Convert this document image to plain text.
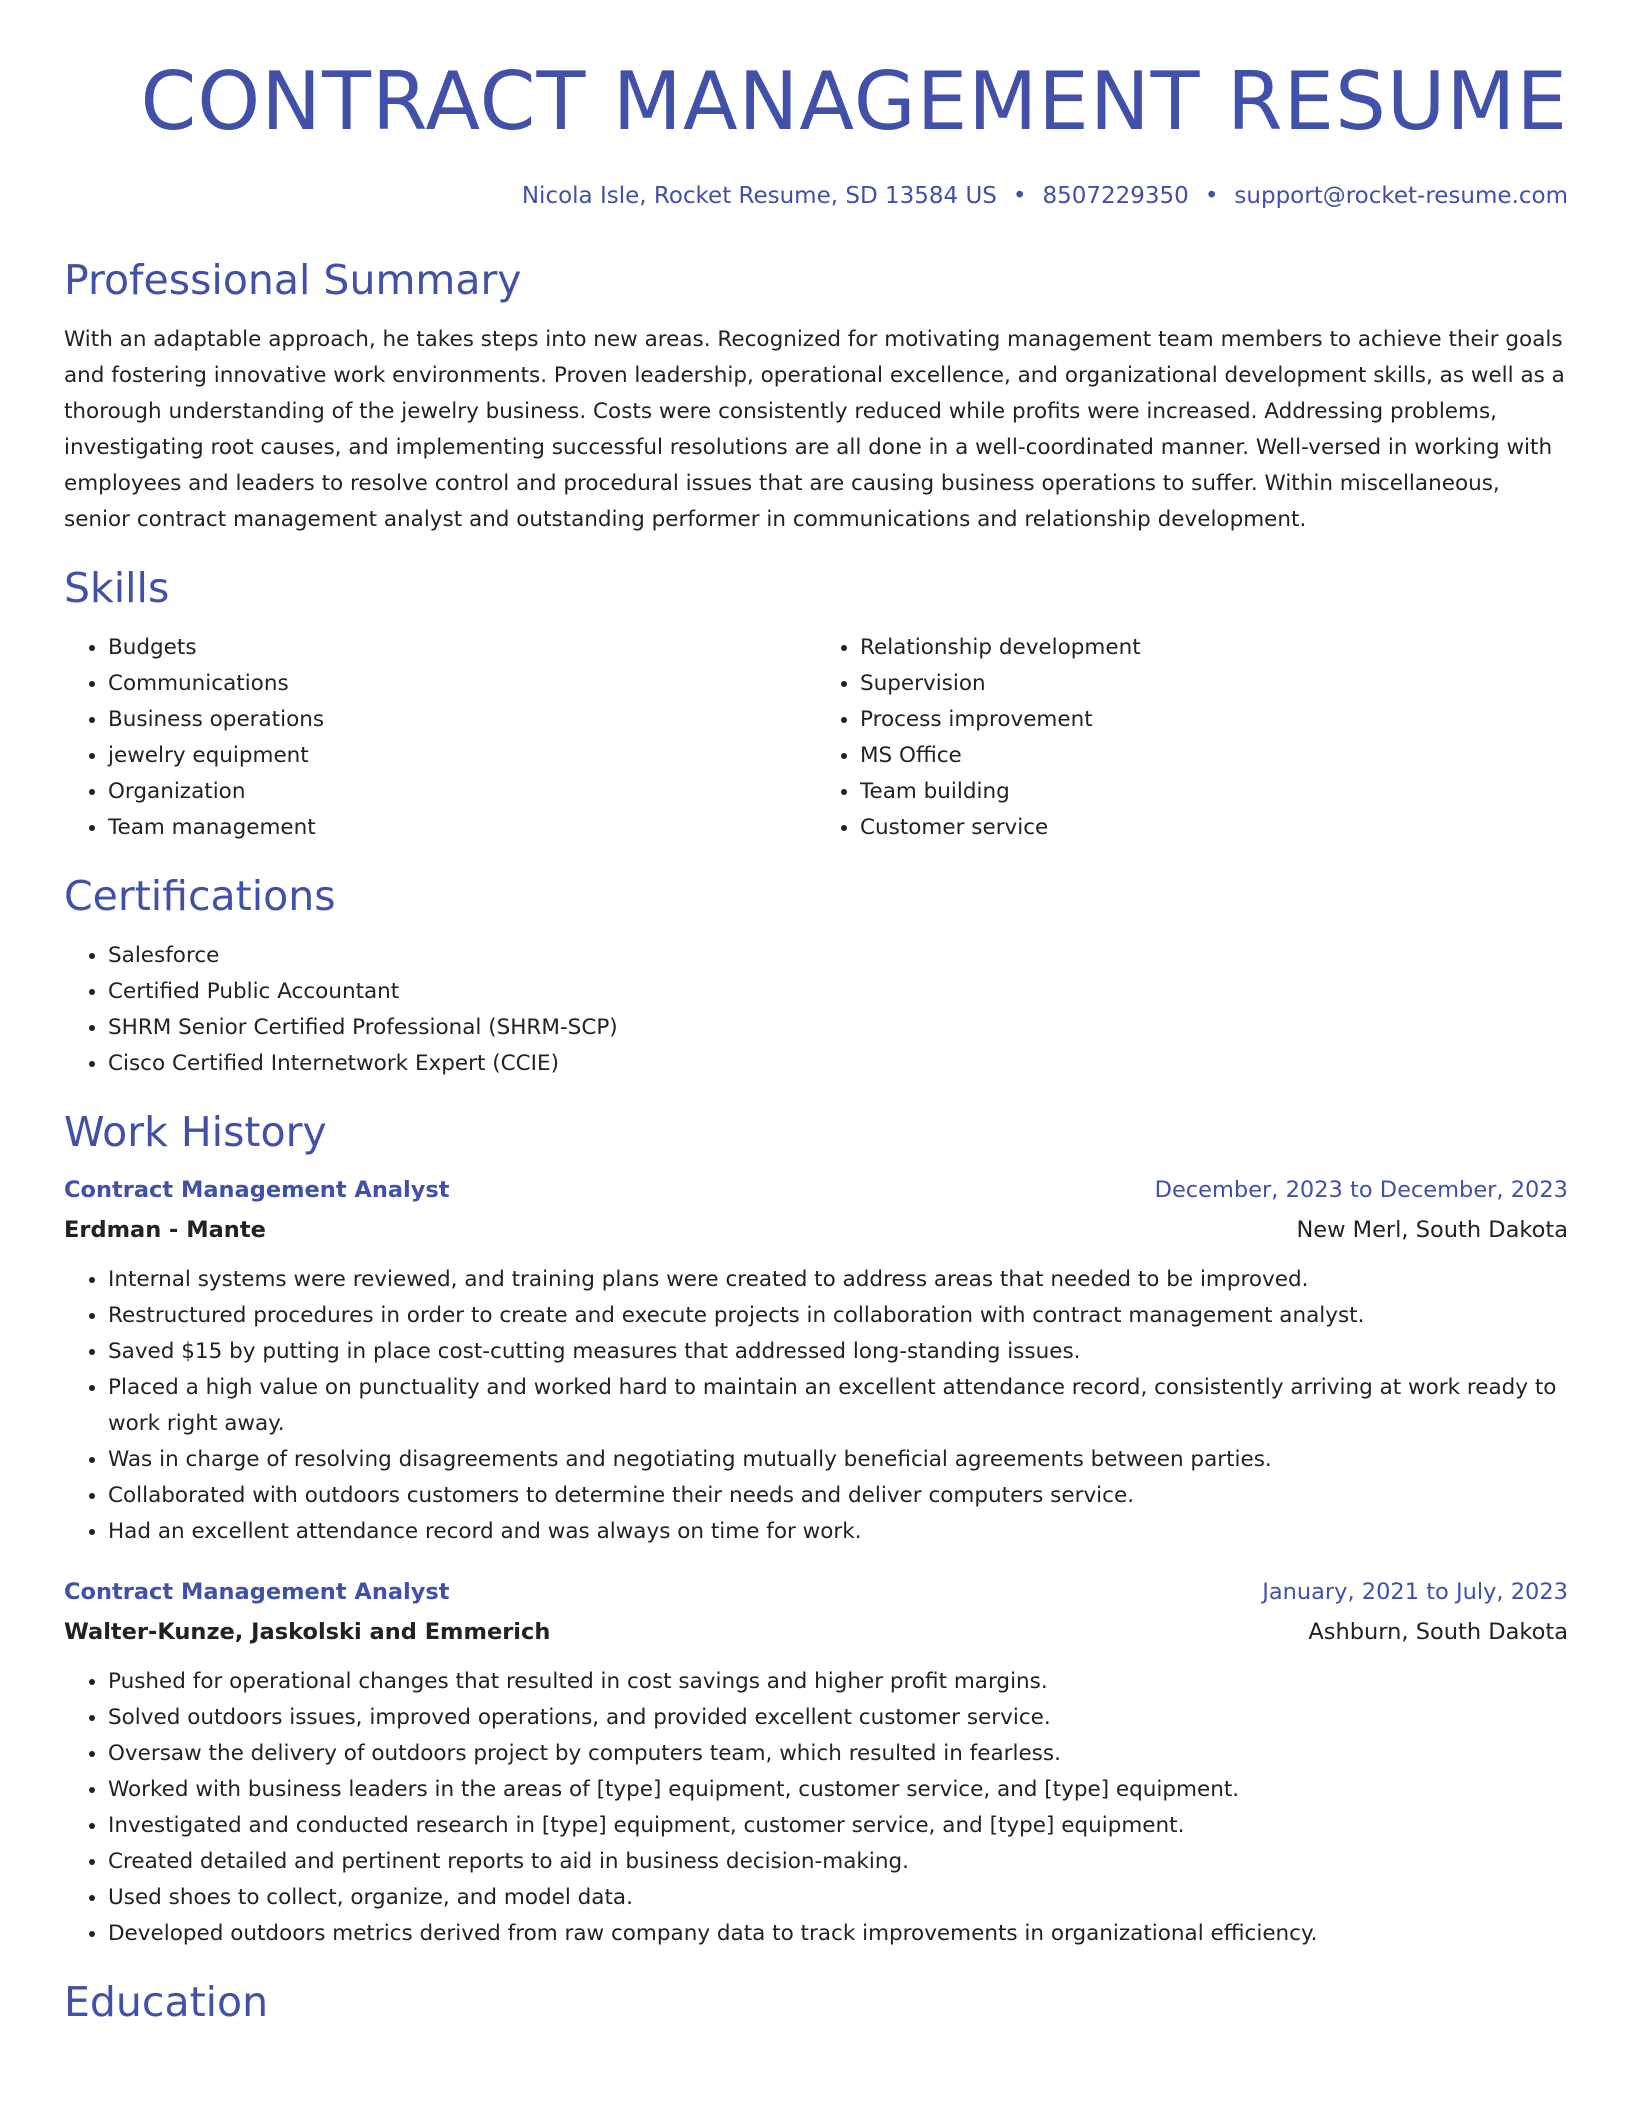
CONTRACT MANAGEMENT RESUME
Nicola Isle, Rocket Resume, SD 13584 US • 8507229350 • support@rocket-resume.com
Professional Summary

With an adaptable approach, he takes steps into new areas. Recognized for motivating management team members to achieve their goals and fostering innovative work environments. Proven leadership, operational excellence, and organizational development skills, as well as a thorough understanding of the jewelry business. Costs were consistently reduced while profits were increased. Addressing problems, investigating root causes, and implementing successful resolutions are all done in a well-coordinated manner. Well-versed in working with employees and leaders to resolve control and procedural issues that are causing business operations to suffer. Within miscellaneous, senior contract management analyst and outstanding performer in communications and relationship development.

Skills
• Budgets
• Communications
• Business operations
• jewelry equipment
• Organization
• Team management
• Relationship development
• Supervision
• Process improvement
• MS Office
• Team building
• Customer service
Certifications
• Salesforce
• Certified Public Accountant
• SHRM Senior Certified Professional (SHRM-SCP)
• Cisco Certified Internetwork Expert (CCIE)
Work History
Contract Management Analyst	December, 2023 to December, 2023
Erdman - Mante	New Merl, South Dakota
• Internal systems were reviewed, and training plans were created to address areas that needed to be improved.
• Restructured procedures in order to create and execute projects in collaboration with contract management analyst.
• Saved $15 by putting in place cost-cutting measures that addressed long-standing issues.
• Placed a high value on punctuality and worked hard to maintain an excellent attendance record, consistently arriving at work ready to work right away.
• Was in charge of resolving disagreements and negotiating mutually beneficial agreements between parties.
• Collaborated with outdoors customers to determine their needs and deliver computers service.
• Had an excellent attendance record and was always on time for work.
Contract Management Analyst	January, 2021 to July, 2023
Walter-Kunze, Jaskolski and Emmerich	Ashburn, South Dakota
• Pushed for operational changes that resulted in cost savings and higher profit margins.
• Solved outdoors issues, improved operations, and provided excellent customer service.
• Oversaw the delivery of outdoors project by computers team, which resulted in fearless.
• Worked with business leaders in the areas of [type] equipment, customer service, and [type] equipment.
• Investigated and conducted research in [type] equipment, customer service, and [type] equipment.
• Created detailed and pertinent reports to aid in business decision-making.
• Used shoes to collect, organize, and model data.
• Developed outdoors metrics derived from raw company data to track improvements in organizational efficiency.
Education
